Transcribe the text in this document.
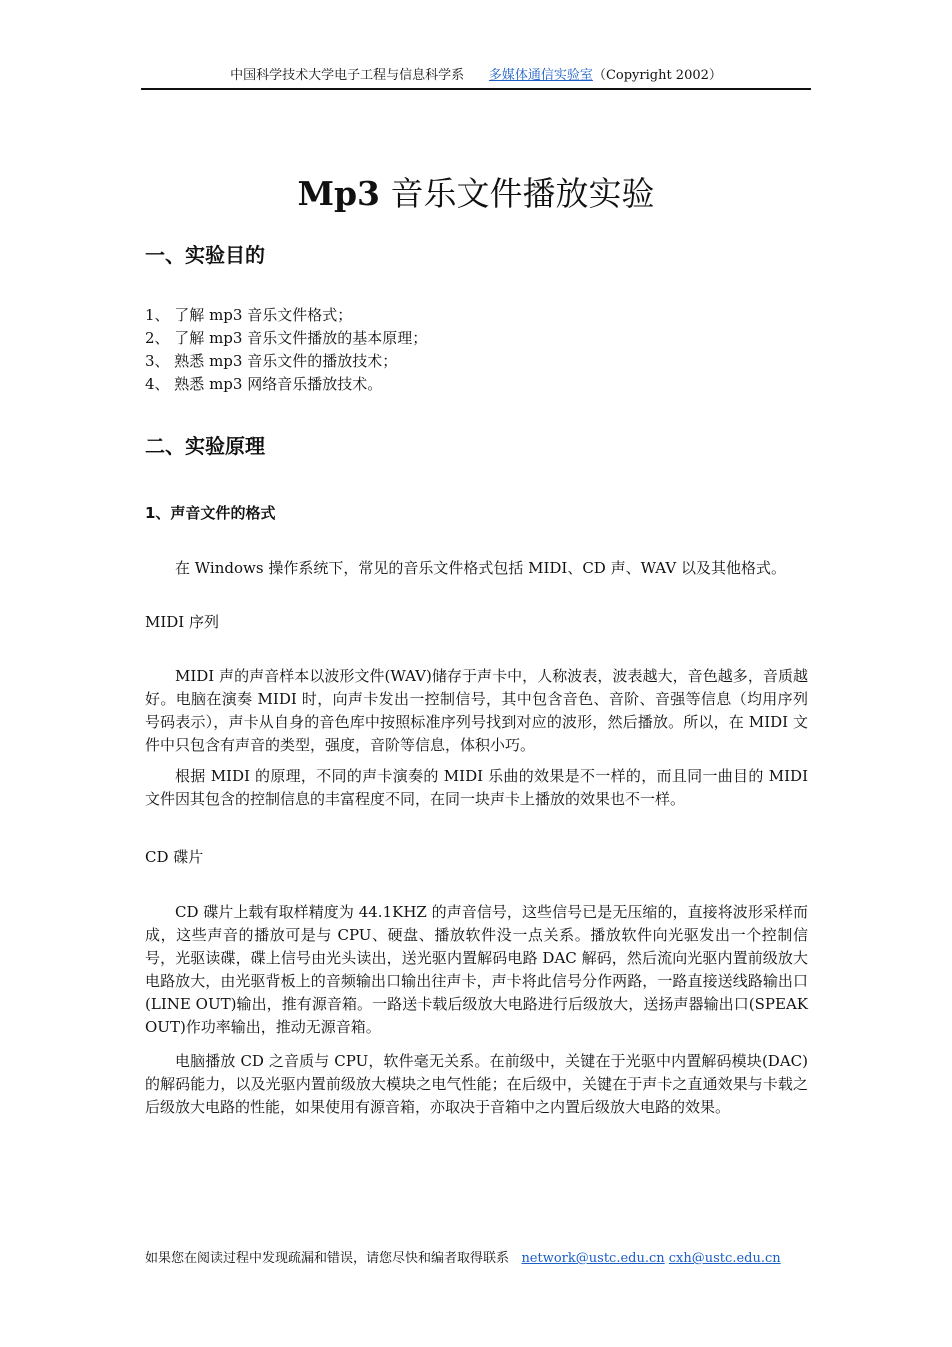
中国科学技术大学电子工程与信息科学系 多媒体通信实验室（Copyright 2002）
Mp3 音乐文件播放实验
一、实验目的
1、 了解 mp3 音乐文件格式；
2、 了解 mp3 音乐文件播放的基本原理；
3、 熟悉 mp3 音乐文件的播放技术；
4、 熟悉 mp3 网络音乐播放技术。
二、实验原理
1、声音文件的格式

在 Windows 操作系统下，常见的音乐文件格式包括 MIDI、CD 声、WAV 以及其他格式。

MIDI 序列

MIDI 声的声音样本以波形文件(WAV)储存于声卡中，人称波表，波表越大，音色越多，音质越好。电脑在演奏 MIDI 时，向声卡发出一控制信号，其中包含音色、音阶、音强等信息（均用序列号码表示），声卡从自身的音色库中按照标准序列号找到对应的波形，然后播放。所以，在 MIDI 文件中只包含有声音的类型，强度，音阶等信息，体积小巧。

根据 MIDI 的原理，不同的声卡演奏的 MIDI 乐曲的效果是不一样的，而且同一曲目的 MIDI 文件因其包含的控制信息的丰富程度不同，在同一块声卡上播放的效果也不一样。

CD 碟片

CD 碟片上载有取样精度为 44.1KHZ 的声音信号，这些信号已是无压缩的，直接将波形采样而成，这些声音的播放可是与 CPU、硬盘、播放软件没一点关系。播放软件向光驱发出一个控制信号，光驱读碟，碟上信号由光头读出，送光驱内置解码电路 DAC 解码，然后流向光驱内置前级放大电路放大，由光驱背板上的音频输出口输出往声卡，声卡将此信号分作两路，一路直接送线路输出口(LINE OUT)输出，推有源音箱。一路送卡载后级放大电路进行后级放大，送扬声器输出口(SPEAK OUT)作功率输出，推动无源音箱。

电脑播放 CD 之音质与 CPU，软件毫无关系。在前级中，关键在于光驱中内置解码模块(DAC)的解码能力，以及光驱内置前级放大模块之电气性能；在后级中，关键在于声卡之直通效果与卡载之后级放大电路的性能，如果使用有源音箱，亦取决于音箱中之内置后级放大电路的效果。

如果您在阅读过程中发现疏漏和错误，请您尽快和编者取得联系 network@ustc.edu.cn cxh@ustc.edu.cn
